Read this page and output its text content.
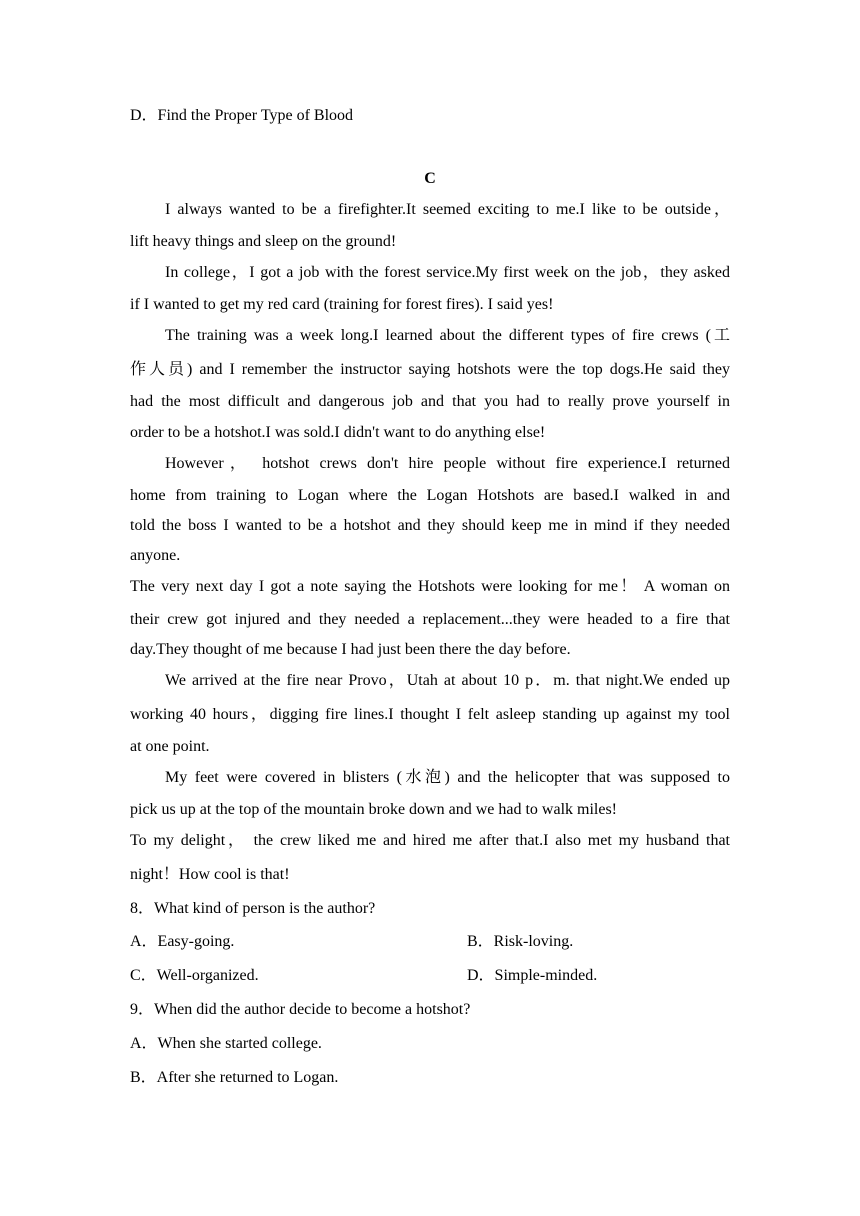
D．Find the Proper Type of Blood
C
I always wanted to be a firefighter.It seemed exciting to me.I like to be outside，
lift heavy things and sleep on the ground!
In college，I got a job with the forest service.My first week on the job，they asked
if I wanted to get my red card (training for forest fires). I said yes!
The training was a week long.I learned about the different types of fire crews (工
作人员) and I remember the instructor saying hotshots were the top dogs.He said they
had the most difficult and dangerous job and that you had to really prove yourself in
order to be a hotshot.I was sold.I didn't want to do anything else!
However， hotshot crews don't hire people without fire experience.I returned
home from training to Logan where the Logan Hotshots are based.I walked in and
told the boss I wanted to be a hotshot and they should keep me in mind if they needed
anyone.
The very next day I got a note saying the Hotshots were looking for me！ A woman on
their crew got injured and they needed a replacement...they were headed to a fire that
day.They thought of me because I had just been there the day before.
We arrived at the fire near Provo，Utah at about 10 p．m. that night.We ended up
working 40 hours，digging fire lines.I thought I felt asleep standing up against my tool
at one point.
My feet were covered in blisters (水泡) and the helicopter that was supposed to
pick us up at the top of the mountain broke down and we had to walk miles!
To my delight， the crew liked me and hired me after that.I also met my husband that
night！How cool is that!
8．What kind of person is the author?
A．Easy-going.	B．Risk-loving.
C．Well-organized.	D．Simple-minded.
9．When did the author decide to become a hotshot?
A．When she started college.
B．After she returned to Logan.
